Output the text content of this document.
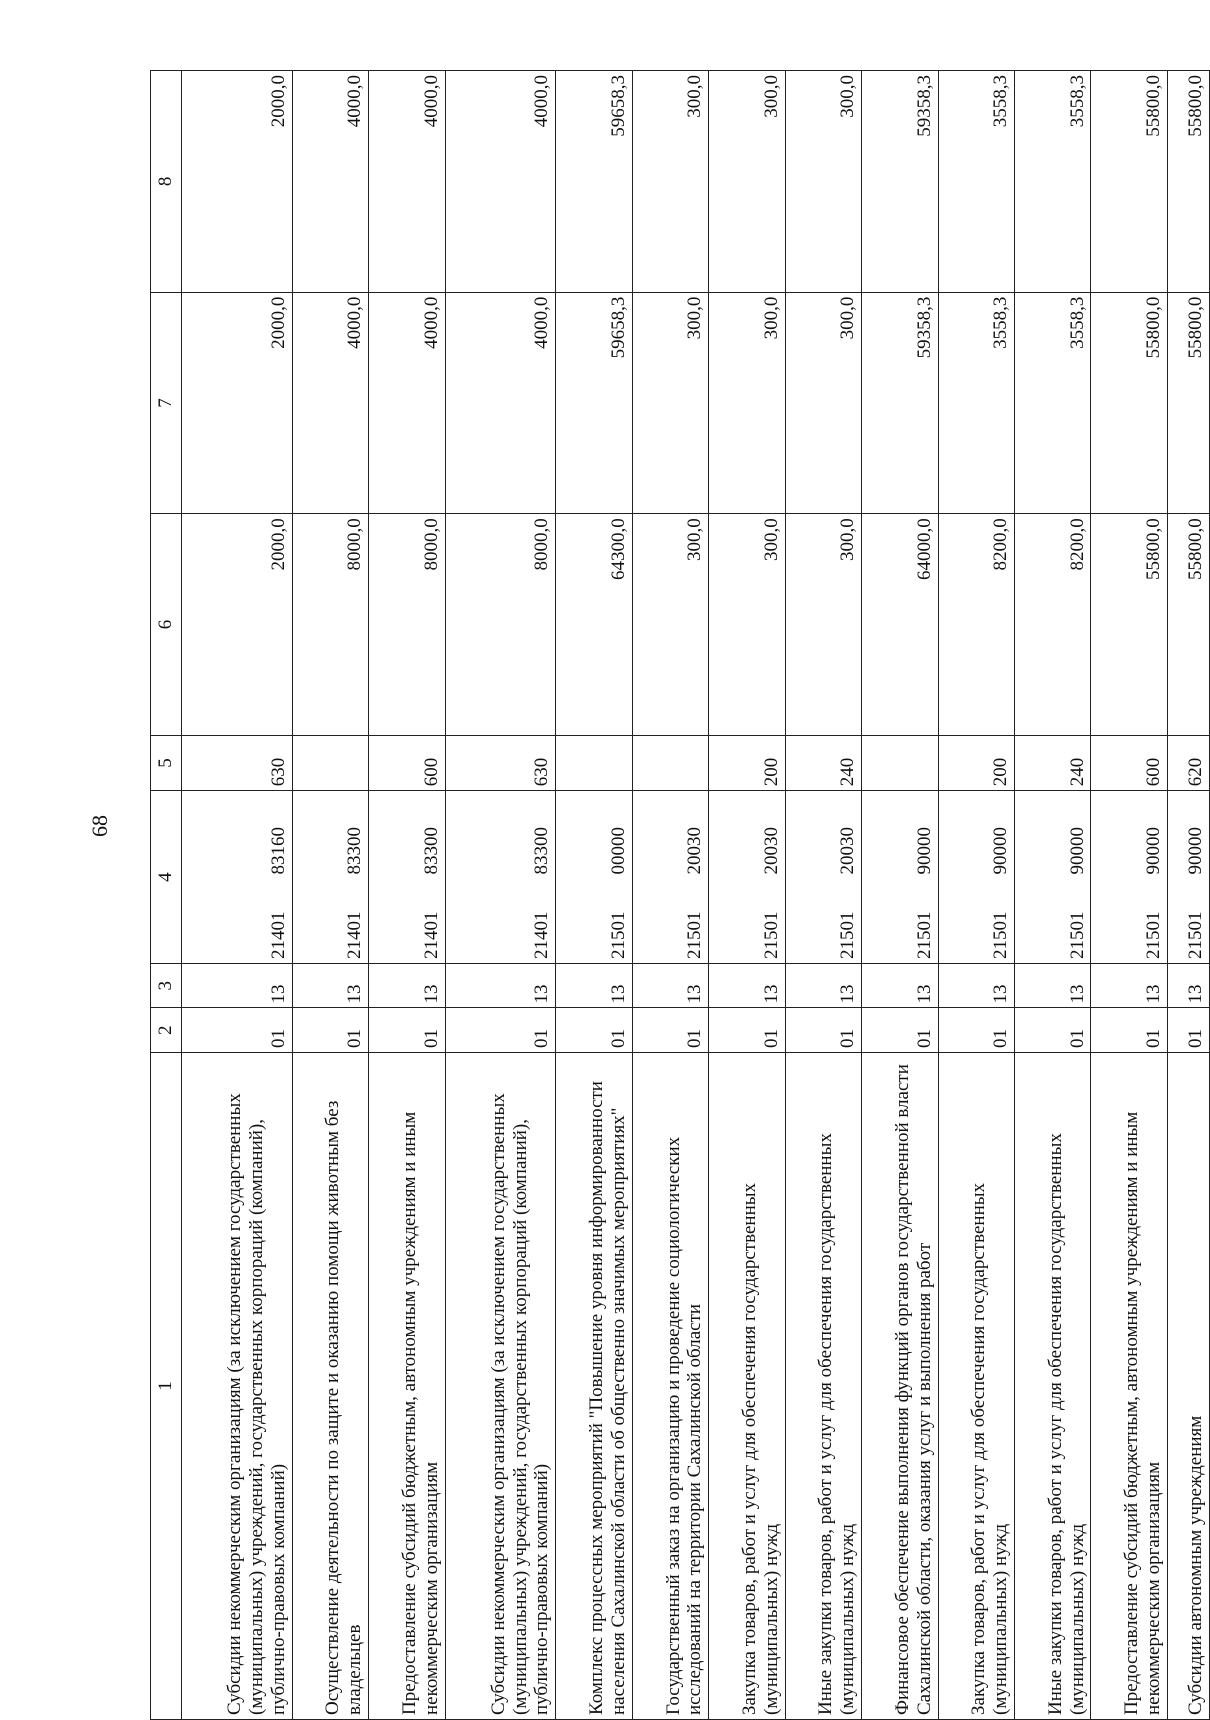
68
1	2	3	4	5	6	7	8
Субсидии некоммерческим организациям (за исключением государственных (муниципальных) учреждений, государственных корпораций (компаний), публично-правовых компаний)	01	13	2140183160	630	2000,0	2000,0	2000,0
Осуществление деятельности по защите и оказанию помощи животным без владельцев	01	13	2140183300		8000,0	4000,0	4000,0
Предоставление субсидий бюджетным, автономным учреждениям и иным некоммерческим организациям	01	13	2140183300	600	8000,0	4000,0	4000,0
Субсидии некоммерческим организациям (за исключением государственных (муниципальных) учреждений, государственных корпораций (компаний), публично-правовых компаний)	01	13	2140183300	630	8000,0	4000,0	4000,0
Комплекс процессных мероприятий "Повышение уровня информированности населения Сахалинской области об общественно значимых мероприятиях"	01	13	2150100000		64300,0	59658,3	59658,3
Государственный заказ на организацию и проведение социологических исследований на территории Сахалинской области	01	13	2150120030		300,0	300,0	300,0
Закупка товаров, работ и услуг для обеспечения государственных (муниципальных) нужд	01	13	2150120030	200	300,0	300,0	300,0
Иные закупки товаров, работ и услуг для обеспечения государственных (муниципальных) нужд	01	13	2150120030	240	300,0	300,0	300,0
Финансовое обеспечение выполнения функций органов государственной власти Сахалинской области, оказания услуг и выполнения работ	01	13	2150190000		64000,0	59358,3	59358,3
Закупка товаров, работ и услуг для обеспечения государственных (муниципальных) нужд	01	13	2150190000	200	8200,0	3558,3	3558,3
Иные закупки товаров, работ и услуг для обеспечения государственных (муниципальных) нужд	01	13	2150190000	240	8200,0	3558,3	3558,3
Предоставление субсидий бюджетным, автономным учреждениям и иным некоммерческим организациям	01	13	2150190000	600	55800,0	55800,0	55800,0
Субсидии автономным учреждениям	01	13	2150190000	620	55800,0	55800,0	55800,0
